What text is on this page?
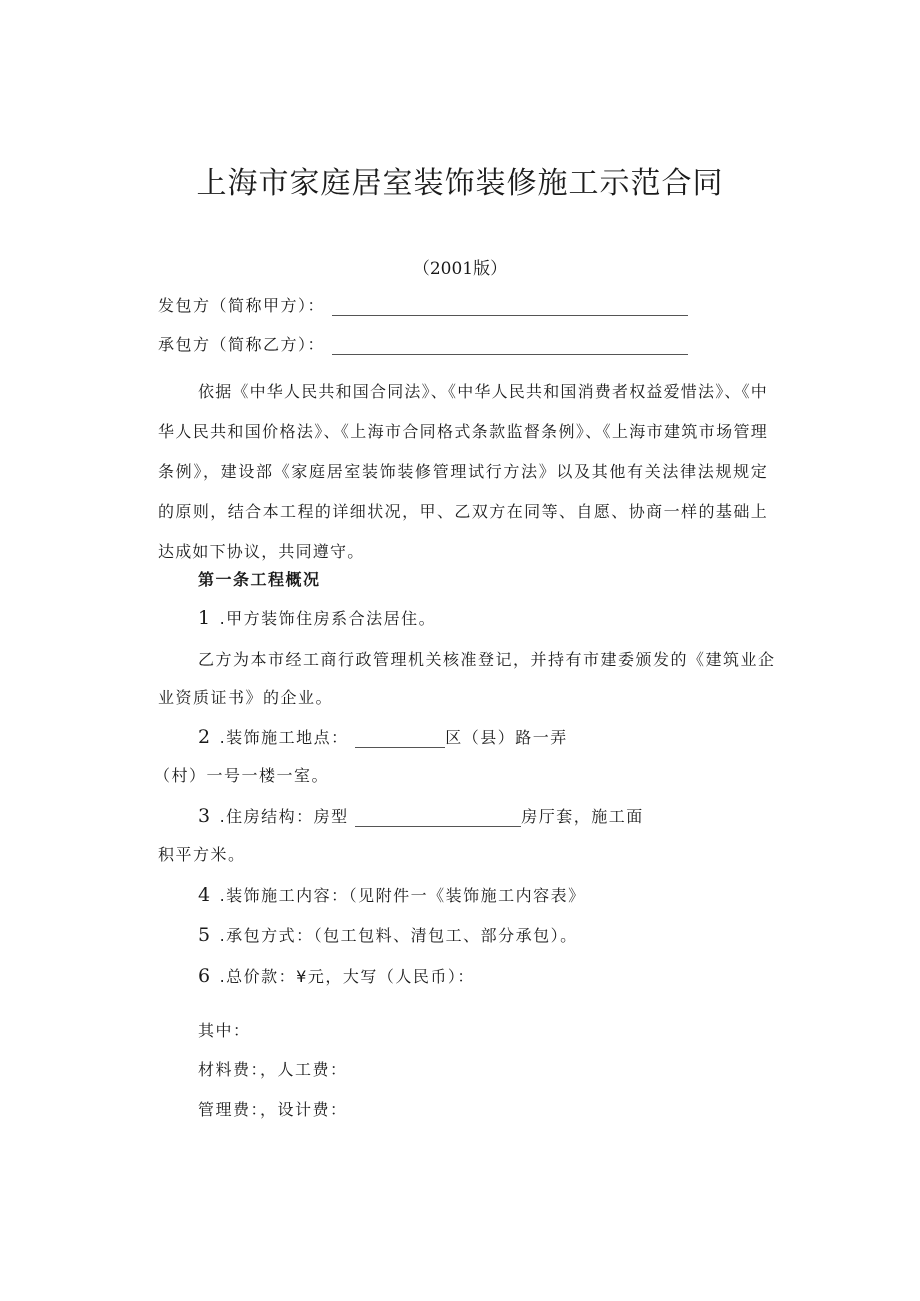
上海市家庭居室装饰装修施工示范合同
（2001版）
发包方（简称甲方）：
承包方（简称乙方）：
依据《中华人民共和国合同法》、《中华人民共和国消费者权益爱惜法》、《中华人民共和国价格法》、《上海市合同格式条款监督条例》、《上海市建筑市场管理条例》，建设部《家庭居室装饰装修管理试行方法》以及其他有关法律法规规定的原则，结合本工程的详细状况，甲、乙双方在同等、自愿、协商一样的基础上达成如下协议，共同遵守。
第一条工程概况
1 .甲方装饰住房系合法居住。
乙方为本市经工商行政管理机关核准登记，并持有市建委颁发的《建筑业企
业资质证书》的企业。
2 .装饰施工地点：	区（县）路一弄
（村）一号一楼一室。
3 .住房结构：房型	房厅套，施工面
积平方米。
4 .装饰施工内容：（见附件一《装饰施工内容表》
5 .承包方式：（包工包料、清包工、部分承包）。
6 .总价款：¥元，大写（人民币）：
其中：
材料费：，人工费：
管理费：，设计费：
